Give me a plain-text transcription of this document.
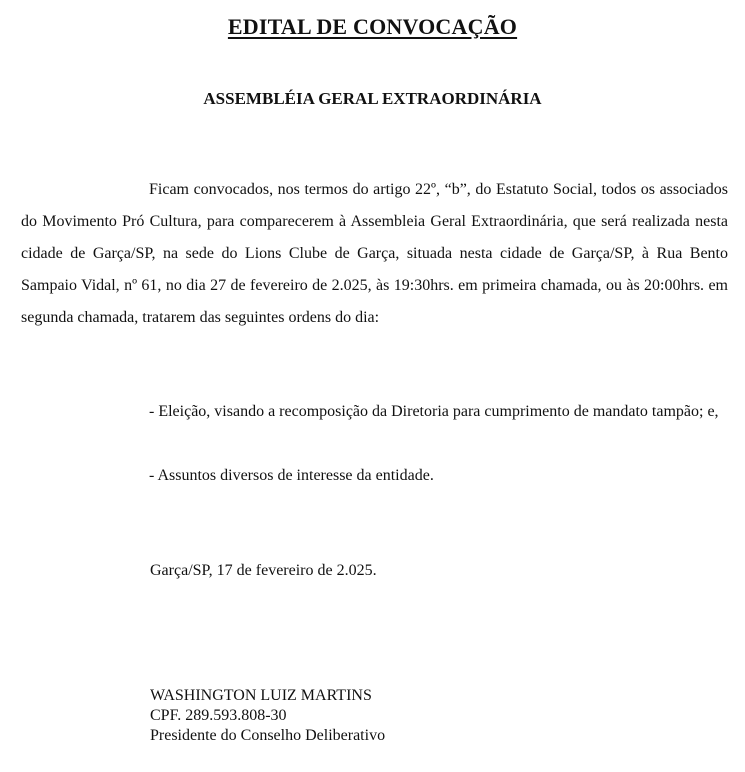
EDITAL DE CONVOCAÇÃO
ASSEMBLÉIA GERAL EXTRAORDINÁRIA

Ficam convocados, nos termos do artigo 22º, “b”, do Estatuto Social, todos os associados do Movimento Pró Cultura, para comparecerem à Assembleia Geral Extraordinária, que será realizada nesta cidade de Garça/SP, na sede do Lions Clube de Garça, situada nesta cidade de Garça/SP, à Rua Bento Sampaio Vidal, nº 61, no dia 27 de fevereiro de 2.025, às 19:30hrs. em primeira chamada, ou às 20:00hrs. em segunda chamada, tratarem das seguintes ordens do dia:

- Eleição, visando a recomposição da Diretoria para cumprimento de mandato tampão; e,

- Assuntos diversos de interesse da entidade.

Garça/SP, 17 de fevereiro de 2.025.
WASHINGTON LUIZ MARTINS
CPF. 289.593.808-30
Presidente do Conselho Deliberativo
